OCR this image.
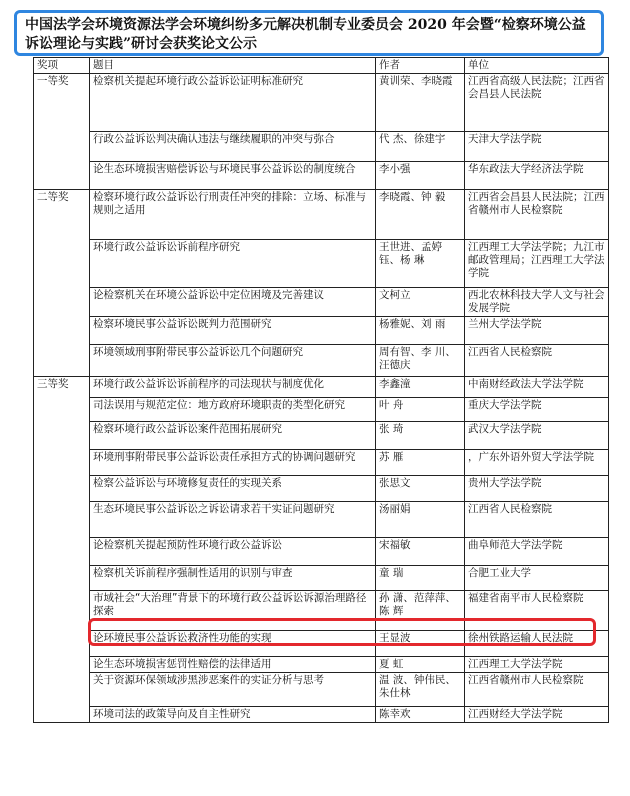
中国法学会环境资源法学会环境纠纷多元解决机制专业委员会 2020 年会暨“检察环境公益诉讼理论与实践”研讨会获奖论文公示

奖项	题目	作者	单位
一等奖	检察机关提起环境行政公益诉讼证明标准研究	黄训荣、李晓霞	江西省高级人民法院；江西省会昌县人民法院
	行政公益诉讼判决确认违法与继续履职的冲突与弥合	代 杰、徐建宇	天津大学法学院
	论生态环境损害赔偿诉讼与环境民事公益诉讼的制度统合	李小强	华东政法大学经济法学院
二等奖	检察环境行政公益诉讼行刑责任冲突的排除：立场、标准与规则之适用	李晓霞、钟 毅	江西省会昌县人民法院；江西省赣州市人民检察院
	环境行政公益诉讼诉前程序研究	王世进、孟婷钰、杨 琳	江西理工大学法学院；九江市邮政管理局；江西理工大学法学院
	论检察机关在环境公益诉讼中定位困境及完善建议	文柯立	西北农林科技大学人文与社会发展学院
	检察环境民事公益诉讼既判力范围研究	杨雅妮、刘 雨	兰州大学法学院
	环境领域刑事附带民事公益诉讼几个问题研究	周有智、李 川、汪德庆	江西省人民检察院
三等奖	环境行政公益诉讼诉前程序的司法现状与制度优化	李鑫潼	中南财经政法大学法学院
	司法误用与规范定位：地方政府环境职责的类型化研究	叶 舟	重庆大学法学院
	检察环境行政公益诉讼案件范围拓展研究	张 琦	武汉大学法学院
	环境刑事附带民事公益诉讼责任承担方式的协调问题研究	苏 雁	，广东外语外贸大学法学院
	检察公益诉讼与环境修复责任的实现关系	张思文	贵州大学法学院
	生态环境民事公益诉讼之诉讼请求若干实证问题研究	汤丽娟	江西省人民检察院
	论检察机关提起预防性环境行政公益诉讼	宋福敏	曲阜师范大学法学院
	检察机关诉前程序强制性适用的识别与审查	童 瑞	合肥工业大学
	市域社会“大治理”背景下的环境行政公益诉讼诉源治理路径探索	孙 潇、范萍萍、陈 辉	福建省南平市人民检察院
	论环境民事公益诉讼救济性功能的实现	王显波	徐州铁路运输人民法院
	论生态环境损害惩罚性赔偿的法律适用	夏 虹	江西理工大学法学院
	关于资源环保领域涉黑涉恶案件的实证分析与思考	温 波、钟伟民、朱仕林	江西省赣州市人民检察院
	环境司法的政策导向及自主性研究	陈幸欢	江西财经大学法学院
